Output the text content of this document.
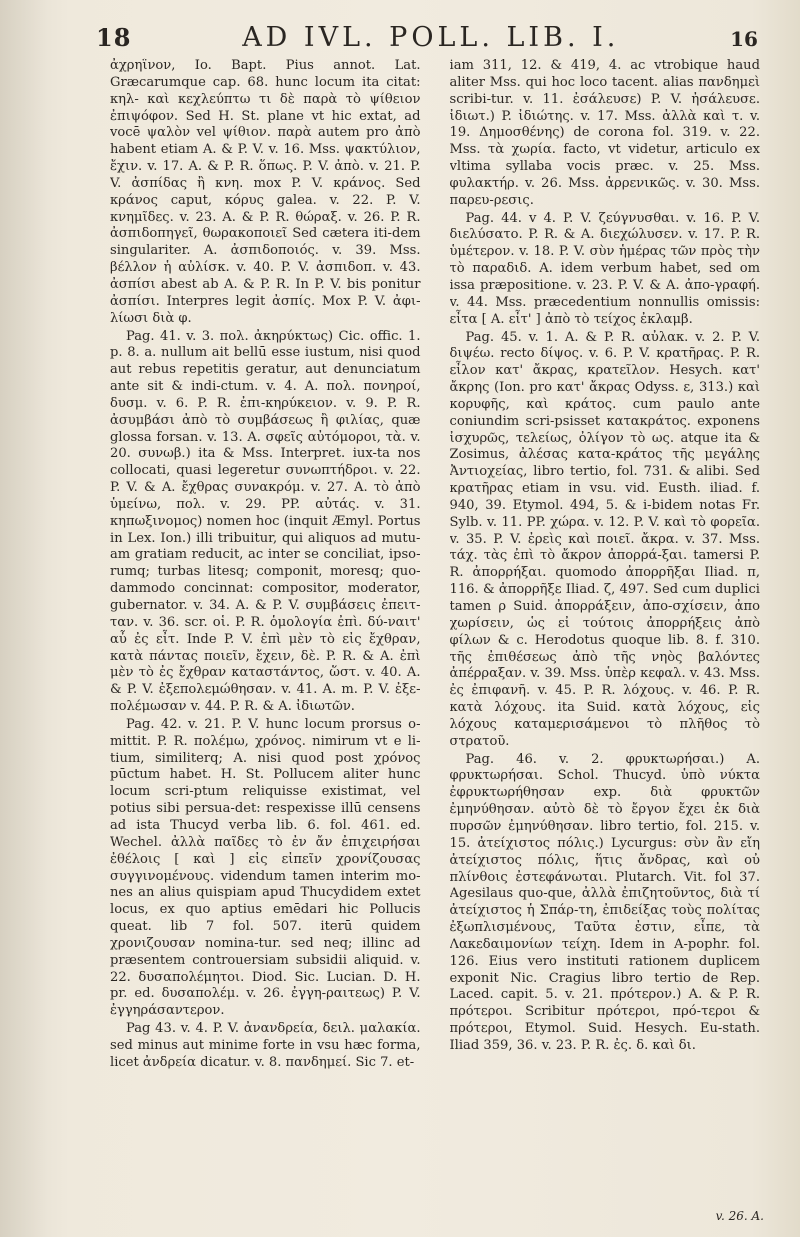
18	AD IVL. POLL. LIB. I.	16

ἀχρηΐνον, Io. Bapt. Pius annot. Lat. Græcarumque cap. 68. hunc locum ita citat: κηλ- καὶ κεχλεύπτω τι δὲ παρὰ τὸ ψίθειον ἐπιψόφον. Sed H. St. plane vt hic extat, ad vocē ψαλὸν vel ψίθιον. παρὰ autem pro ἀπὸ habent etiam A. & P. V. v. 16. Mss. ψακτύλιον, ἔχιν. v. 17. A. & P. R. ὅπως. P. V. ἀπὸ. v. 21. P. V. ἀσπίδας ἢ κνη. mox P. V. κράνος. Sed κράνος caput, κόρυς galea. v. 22. P. V. κνημῖδες. v. 23. A. & P. R. θώραξ. v. 26. P. R. ἀσπιδοπηγεῖ, θωρακοποιεῖ Sed cætera iti-dem singulariter. A. ἀσπιδοποιός. v. 39. Mss. βέλλον ἡ αὐλίσκ. v. 40. P. V. ἀσπιδοπ. v. 43. ἀσπίσι abest ab A. & P. R. In P. V. bis ponitur ἀσπίσι. Interpres legit ἀσπίς. Mox P. V. ἀφι- λίωσι διὰ φ.

Pag. 41. v. 3. πολ. ἀκηρύκτως) Cic. offic. 1. p. 8. a. nullum ait bellū esse iustum, nisi quod aut rebus repetitis geratur, aut denunciatum ante sit & indi-ctum. v. 4. A. πολ. πονηροί, δυσμ. v. 6. P. R. ἐπι-κηρύκειον. v. 9. P. R. ἀσυμβάσι ἀπὸ τὸ συμβάσεως ἢ φιλίας, quæ glossa forsan. v. 13. A. σφεῖς αὐτόμοροι, τὰ. v. 20. συνωβ.) ita & Mss. Interpret. iux-ta nos collocati, quasi legeretur συνωπτήδροι. v. 22. P. V. & A. ἔχθρας συνακρόμ. v. 27. A. τὸ ἀπὸ ὑμείνω, πολ. v. 29. PP. αὐτάς. v. 31. κηπωξινομος) nomen hoc (inquit Æmyl. Portus in Lex. Ion.) illi tribuitur, qui aliquos ad mutu-am gratiam reducit, ac inter se conciliat, ipso-rumq; turbas litesq; componit, moresq; quo-dammodo concinnat: compositor, moderator, gubernator. v. 34. A. & P. V. συμβάσεις ἐπειτ-ταν. v. 36. scr. οἱ. P. R. ὁμολογία ἐπὶ. δύ-ναιτ' αὖ ἐς εἶτ. Inde P. V. ἐπὶ μὲν τὸ εἰς ἔχθραν, κατὰ πάντας ποιεῖν, ἔχειν, δὲ. P. R. & A. ἐπὶ μὲν τὸ ἐς ἔχθραν καταστάντος, ὥστ. v. 40. A. & P. V. ἐξεπολεμώθησαν. v. 41. A. m. P. V. ἐξε-πολέμωσαν v. 44. P. R. & A. ἰδιωτῶν.

Pag. 42. v. 21. P. V. hunc locum prorsus o-mittit. P. R. πολέμω, χρόνος. nimirum vt e li-tium, similiterq; A. nisi quod post χρόνος pūctum habet. H. St. Pollucem aliter hunc locum scri-ptum reliquisse existimat, vel potius sibi persua-det: respexisse illū censens ad ista Thucyd verba lib. 6. fol. 461. ed. Wechel. ἀλλὰ παῖδες τὸ ἐν ἄν ἐπιχειρήσαι ἐθέλοις [ καὶ ] εἰς εἰπεῖν χρονίζουσας συγγινομένους. videndum tamen interim mo-nes an alius quispiam apud Thucydidem extet locus, ex quo aptius emēdari hic Pollucis queat. lib 7 fol. 507. iterū quidem χρονιζουσαν nomina-tur. sed neq; illinc ad præsentem controuersiam subsidii aliquid. v. 22. δυσαπολέμητοι. Diod. Sic. Lucian. D. H. pr. ed. δυσαπολέμ. v. 26. ἐγγη-ραιτεως) P. V. ἐγγηράσαντερον.

Pag 43. v. 4. P. V. ἀνανδρεία, δειλ. μαλακία. sed minus aut minime forte in vsu hæc forma, licet ἀνδρεία dicatur. v. 8. πανδημεί. Sic 7. et-

iam 311, 12. & 419, 4. ac vtrobique haud aliter Mss. qui hoc loco tacent. alias πανδημεὶ scribi-tur. v. 11. ἐσάλευσε) P. V. ἠσάλευσε. ἰδιωτ.) P. ἰδιώτης. v. 17. Mss. ἀλλὰ καὶ τ. v. 19. Δημοσθένης) de corona fol. 319. v. 22. Mss. τὰ χωρία. facto, vt videtur, articulo ex vltima syllaba vocis præc. v. 25. Mss. φυλακτήρ. v. 26. Mss. ἀρρενικῶς. v. 30. Mss. παρευ-ρεσις.

Pag. 44. v 4. P. V. ζεύγνυσθαι. v. 16. P. V. διελύσατο. P. R. & A. διεχώλυσεν. v. 17. P. R. ὑμέτερον. v. 18. P. V. σὺν ἡμέρας τῶν πρὸς τὴν τὸ παραδιδ. A. idem verbum habet, sed om issa præpositione. v. 23. P. V. & A. ἀπο-γραφή. v. 44. Mss. præcedentium nonnullis omissis: εἶτα [ A. εἶτ' ] ἀπὸ τὸ τείχος ἐκλαμβ.

Pag. 45. v. 1. A. & P. R. αὐλακ. v. 2. P. V. διψέω. recto δίψος. v. 6. P. V. κρατῆρας. P. R. εἶλον κατ' ἄκρας, κρατεῖλον. Hesych. κατ' ἄκρης (Ion. pro κατ' ἄκρας Odyss. ε, 313.) καὶ κορυφῆς, καὶ κράτος. cum paulo ante coniundim scri-psisset κατακράτος. exponens ἰσχυρῶς, τελείως, ὀλίγον τὸ ως. atque ita & Zosimus, ἀλέσας κατα-κράτος τῆς μεγάλης Ἀντιοχείας, libro tertio, fol. 731. & alibi. Sed κρατῆρας etiam in vsu. vid. Eusth. iliad. f. 940, 39. Etymol. 494, 5. & i-bidem notas Fr. Sylb. v. 11. PP. χώρα. v. 12. P. V. καὶ τὸ φορεῖα. v. 35. P. V. ἐρεὶς καὶ ποιεῖ. ἄκρα. v. 37. Mss. τάχ. τὰς ἐπὶ τὸ ἄκρον ἀπορρά-ξαι. tamersi P. R. ἀπορρήξαι. quomodo ἀπορρῆξαι Iliad. π, 116. & ἀπορρῆξε Iliad. ζ, 497. Sed cum duplici tamen ρ Suid. ἀπορράξειν, ἀπο-σχίσειν, ἀπο χωρίσειν, ὡς εἰ τούτοις ἀπορρήξεις ἀπὸ φίλων & c. Herodotus quoque lib. 8. f. 310. τῆς ἐπιθέσεως ἀπὸ τῆς νηὸς βαλόντες ἀπέρραξαν. v. 39. Mss. ὑπὲρ κεφαλ. v. 43. Mss. ἐς ἐπιφανῆ. v. 45. P. R. λόχους. v. 46. P. R. κατὰ λόχους. ita Suid. κατὰ λόχους, εἰς λόχους καταμερισάμενοι τὸ πλῆθος τὸ στρατοῦ.

Pag. 46. v. 2. φρυκτωρήσαι.) A. φρυκτωρήσαι. Schol. Thucyd. ὑπὸ νύκτα ἐφρυκτωρήθησαν exp. διὰ φρυκτῶν ἐμηνύθησαν. αὐτὸ δὲ τὸ ἔργον ἔχει ἐκ διὰ πυρσῶν ἐμηνύθησαν. libro tertio, fol. 215. v. 15. ἀτείχιστος πόλις.) Lycurgus: σὺν ἂν εἴη ἀτείχιστος πόλις, ἥτις ἄνδρας, καὶ οὐ πλίνθοις ἐστεφάνωται. Plutarch. Vit. fol 37. Agesilaus quo-que, ἀλλὰ ἐπιζητοῦντος, διὰ τί ἀτείχιστος ἡ Σπάρ-τη, ἐπιδείξας τοὺς πολίτας ἐξωπλισμένους, Ταῦτα ἐστιν, εἶπε, τὰ Λακεδαιμονίων τείχη. Idem in A-pophr. fol. 126. Eius vero instituti rationem duplicem exponit Nic. Cragius libro tertio de Rep. Laced. capit. 5. v. 21. πρότερον.) A. & P. R. πρότεροι. Scribitur πρότεροι, πρό-τεροι & πρότεροι, Etymol. Suid. Hesych. Eu-stath. Iliad 359, 36. v. 23. P. R. ἐς. δ. καὶ δι.

v. 26. A.
